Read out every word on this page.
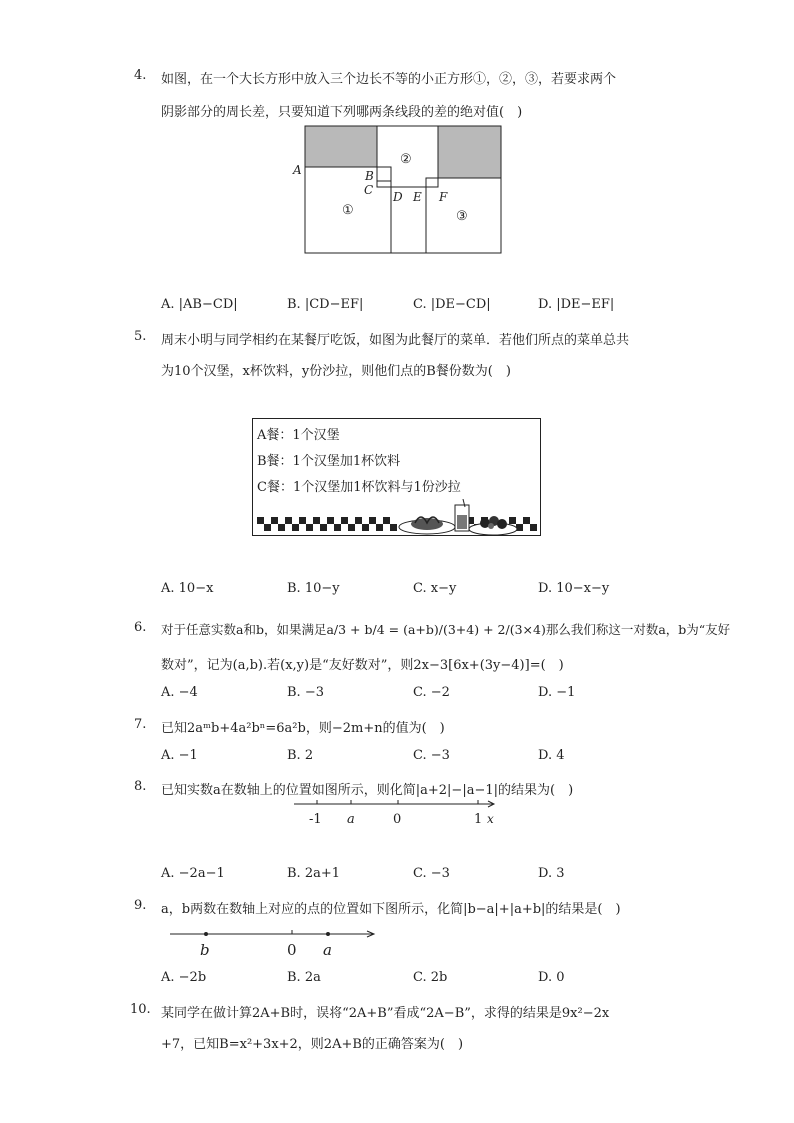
4. 如图，在一个大长方形中放入三个边长不等的小正方形①，②，③，若要求两个
阴影部分的周长差，只要知道下列哪两条线段的差的绝对值(　)
A	B
C D E F
①
②
③
A. |AB−CD|	B. |CD−EF|	C. |DE−CD|	D. |DE−EF|
5. 周末小明与同学相约在某餐厅吃饭，如图为此餐厅的菜单．若他们所点的菜单总共
为10个汉堡，x杯饮料，y份沙拉，则他们点的B餐份数为(　)
A餐：1个汉堡
B餐：1个汉堡加1杯饮料
C餐：1个汉堡加1杯饮料与1份沙拉
A. 10−x	B. 10−y	C. x−y	D. 10−x−y
6. 对于任意实数a和b，如果满足a/3 + b/4 = (a+b)/(3+4) + 2/(3×4)那么我们称这一对数a，b为“友好
数对”，记为(a,b).若(x,y)是“友好数对”，则2x−3[6x+(3y−4)]=(　)
A. −4	B. −3	C. −2	D. −1
7. 已知2aᵐb+4a²bⁿ=6a²b，则−2m+n的值为(　)
A. −1	B. 2	C. −3	D. 4
8. 已知实数a在数轴上的位置如图所示，则化简|a+2|−|a−1|的结果为(　)
-1 a	0	1 x
A. −2a−1	B. 2a+1	C. −3	D. 3
9. a，b两数在数轴上对应的点的位置如下图所示，化简|b−a|+|a+b|的结果是(　)
b	0 a
A. −2b	B. 2a	C. 2b	D. 0
10. 某同学在做计算2A+B时，误将“2A+B”看成“2A−B”，求得的结果是9x²−2x
+7，已知B=x²+3x+2，则2A+B的正确答案为(　)
